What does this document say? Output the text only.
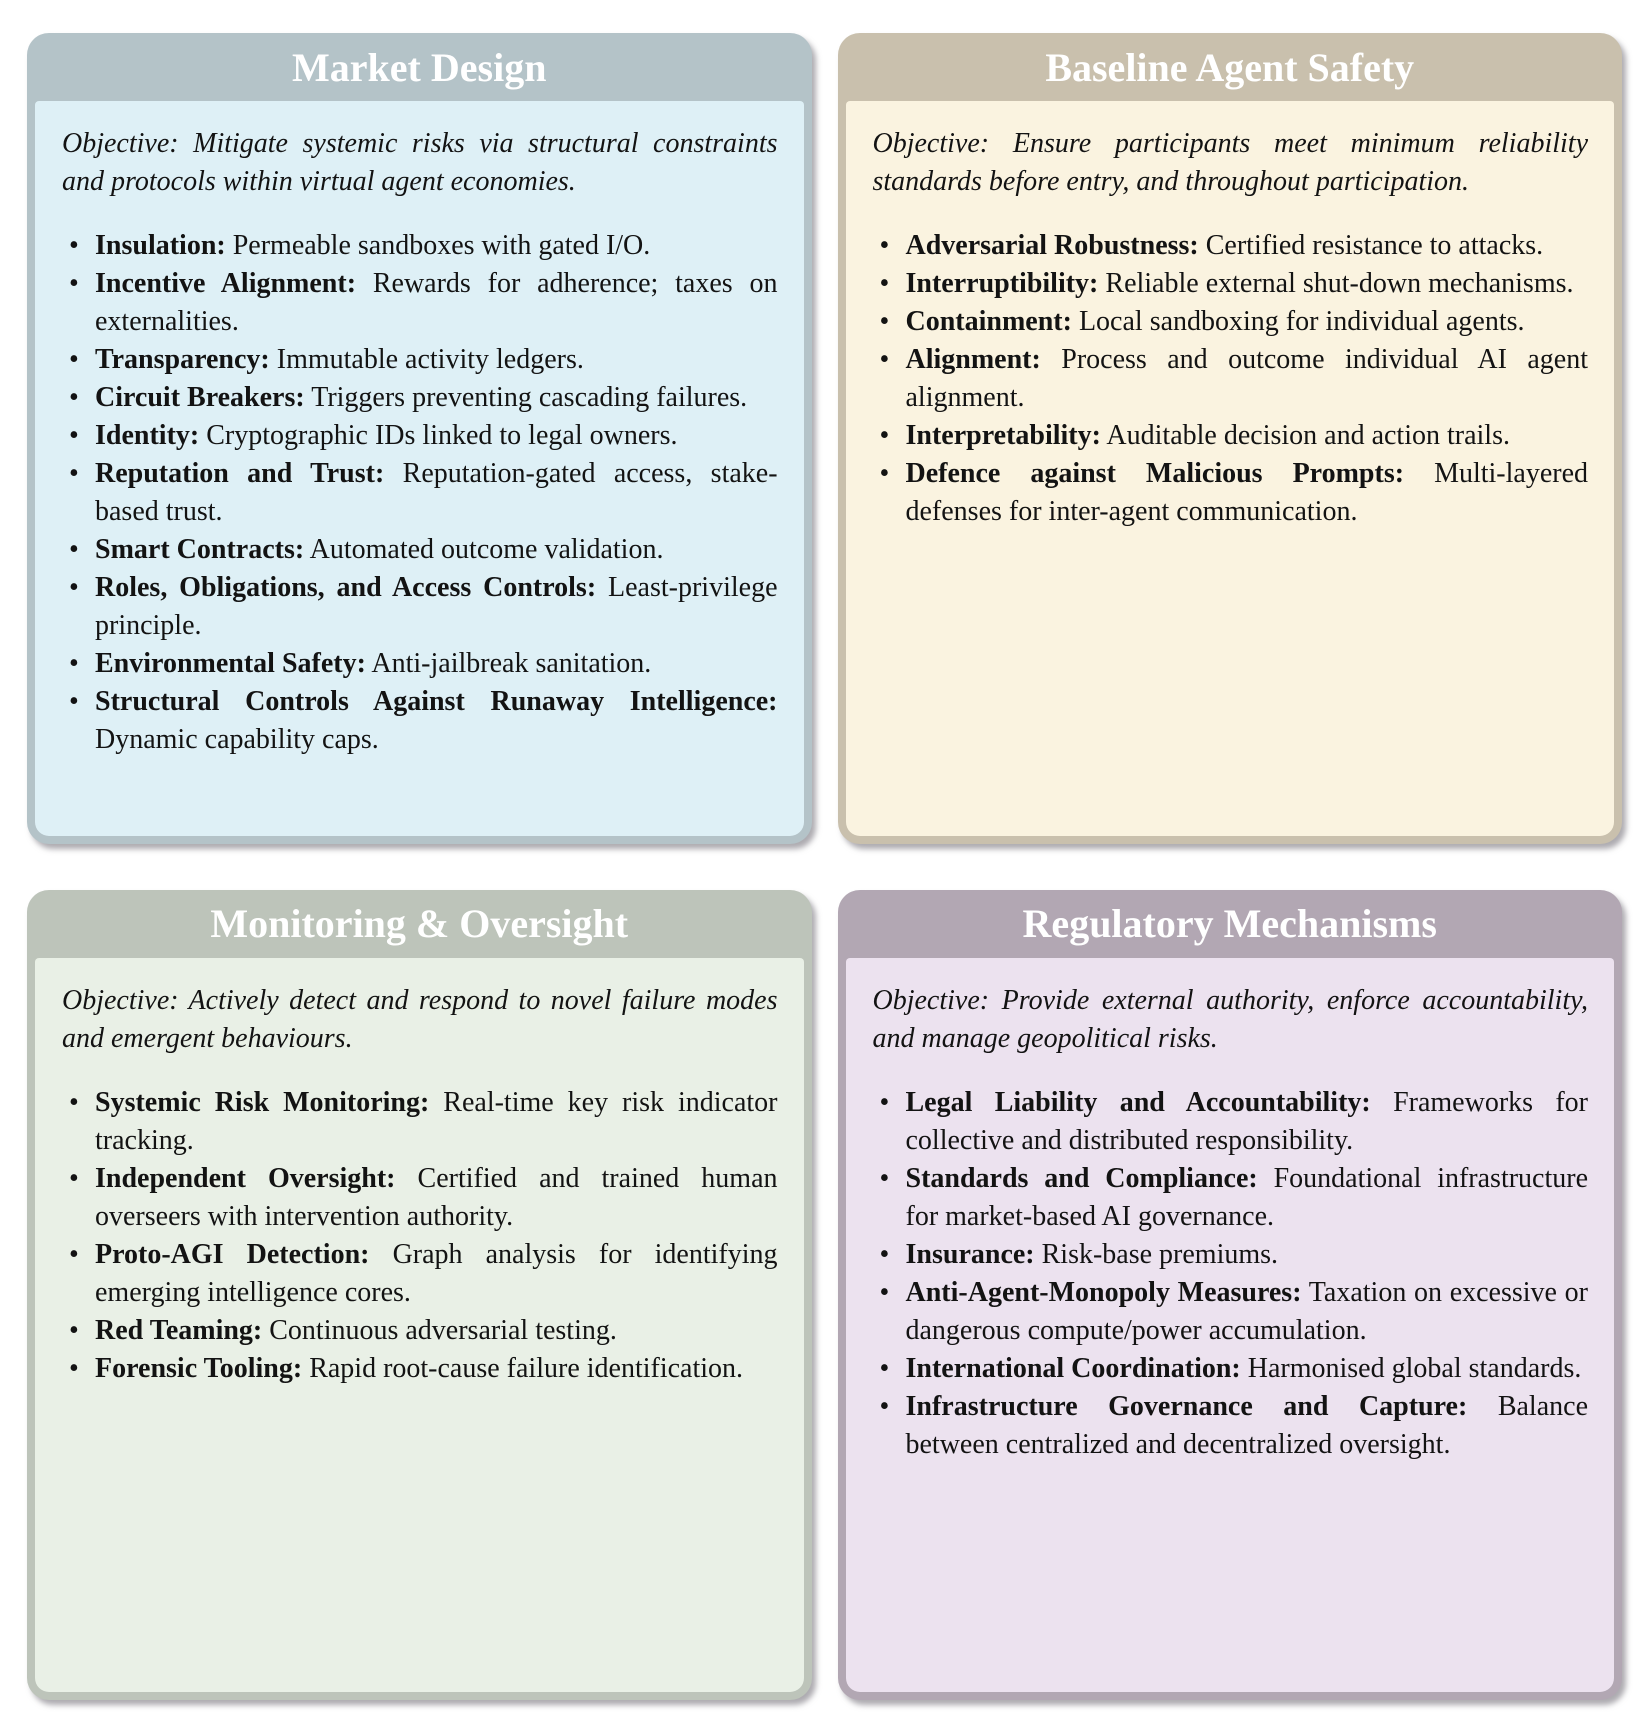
Market Design

Objective: Mitigate systemic risks via structural constraints and protocols within virtual agent economies.

• Insulation: Permeable sandboxes with gated I/O.
• Incentive Alignment: Rewards for adherence; taxes on externalities.
• Transparency: Immutable activity ledgers.
• Circuit Breakers: Triggers preventing cascading failures.
• Identity: Cryptographic IDs linked to legal owners.
• Reputation and Trust: Reputation-gated access, stake-based trust.
• Smart Contracts: Automated outcome validation.
• Roles, Obligations, and Access Controls: Least-privilege principle.
• Environmental Safety: Anti-jailbreak sanitation.
• Structural Controls Against Runaway Intelligence: Dynamic capability caps.
Baseline Agent Safety

Objective: Ensure participants meet minimum reliability standards before entry, and throughout participation.

• Adversarial Robustness: Certified resistance to attacks.
• Interruptibility: Reliable external shut-down mechanisms.
• Containment: Local sandboxing for individual agents.
• Alignment: Process and outcome individual AI agent alignment.
• Interpretability: Auditable decision and action trails.
• Defence against Malicious Prompts: Multi-layered defenses for inter-agent communication.
Monitoring & Oversight

Objective: Actively detect and respond to novel failure modes and emergent behaviours.

• Systemic Risk Monitoring: Real-time key risk indicator tracking.
• Independent Oversight: Certified and trained human overseers with intervention authority.
• Proto-AGI Detection: Graph analysis for identifying emerging intelligence cores.
• Red Teaming: Continuous adversarial testing.
• Forensic Tooling: Rapid root-cause failure identification.
Regulatory Mechanisms

Objective: Provide external authority, enforce accountability, and manage geopolitical risks.

• Legal Liability and Accountability: Frameworks for collective and distributed responsibility.
• Standards and Compliance: Foundational infrastructure for market-based AI governance.
• Insurance: Risk-base premiums.
• Anti-Agent-Monopoly Measures: Taxation on excessive or dangerous compute/power accumulation.
• International Coordination: Harmonised global standards.
• Infrastructure Governance and Capture: Balance between centralized and decentralized oversight.
